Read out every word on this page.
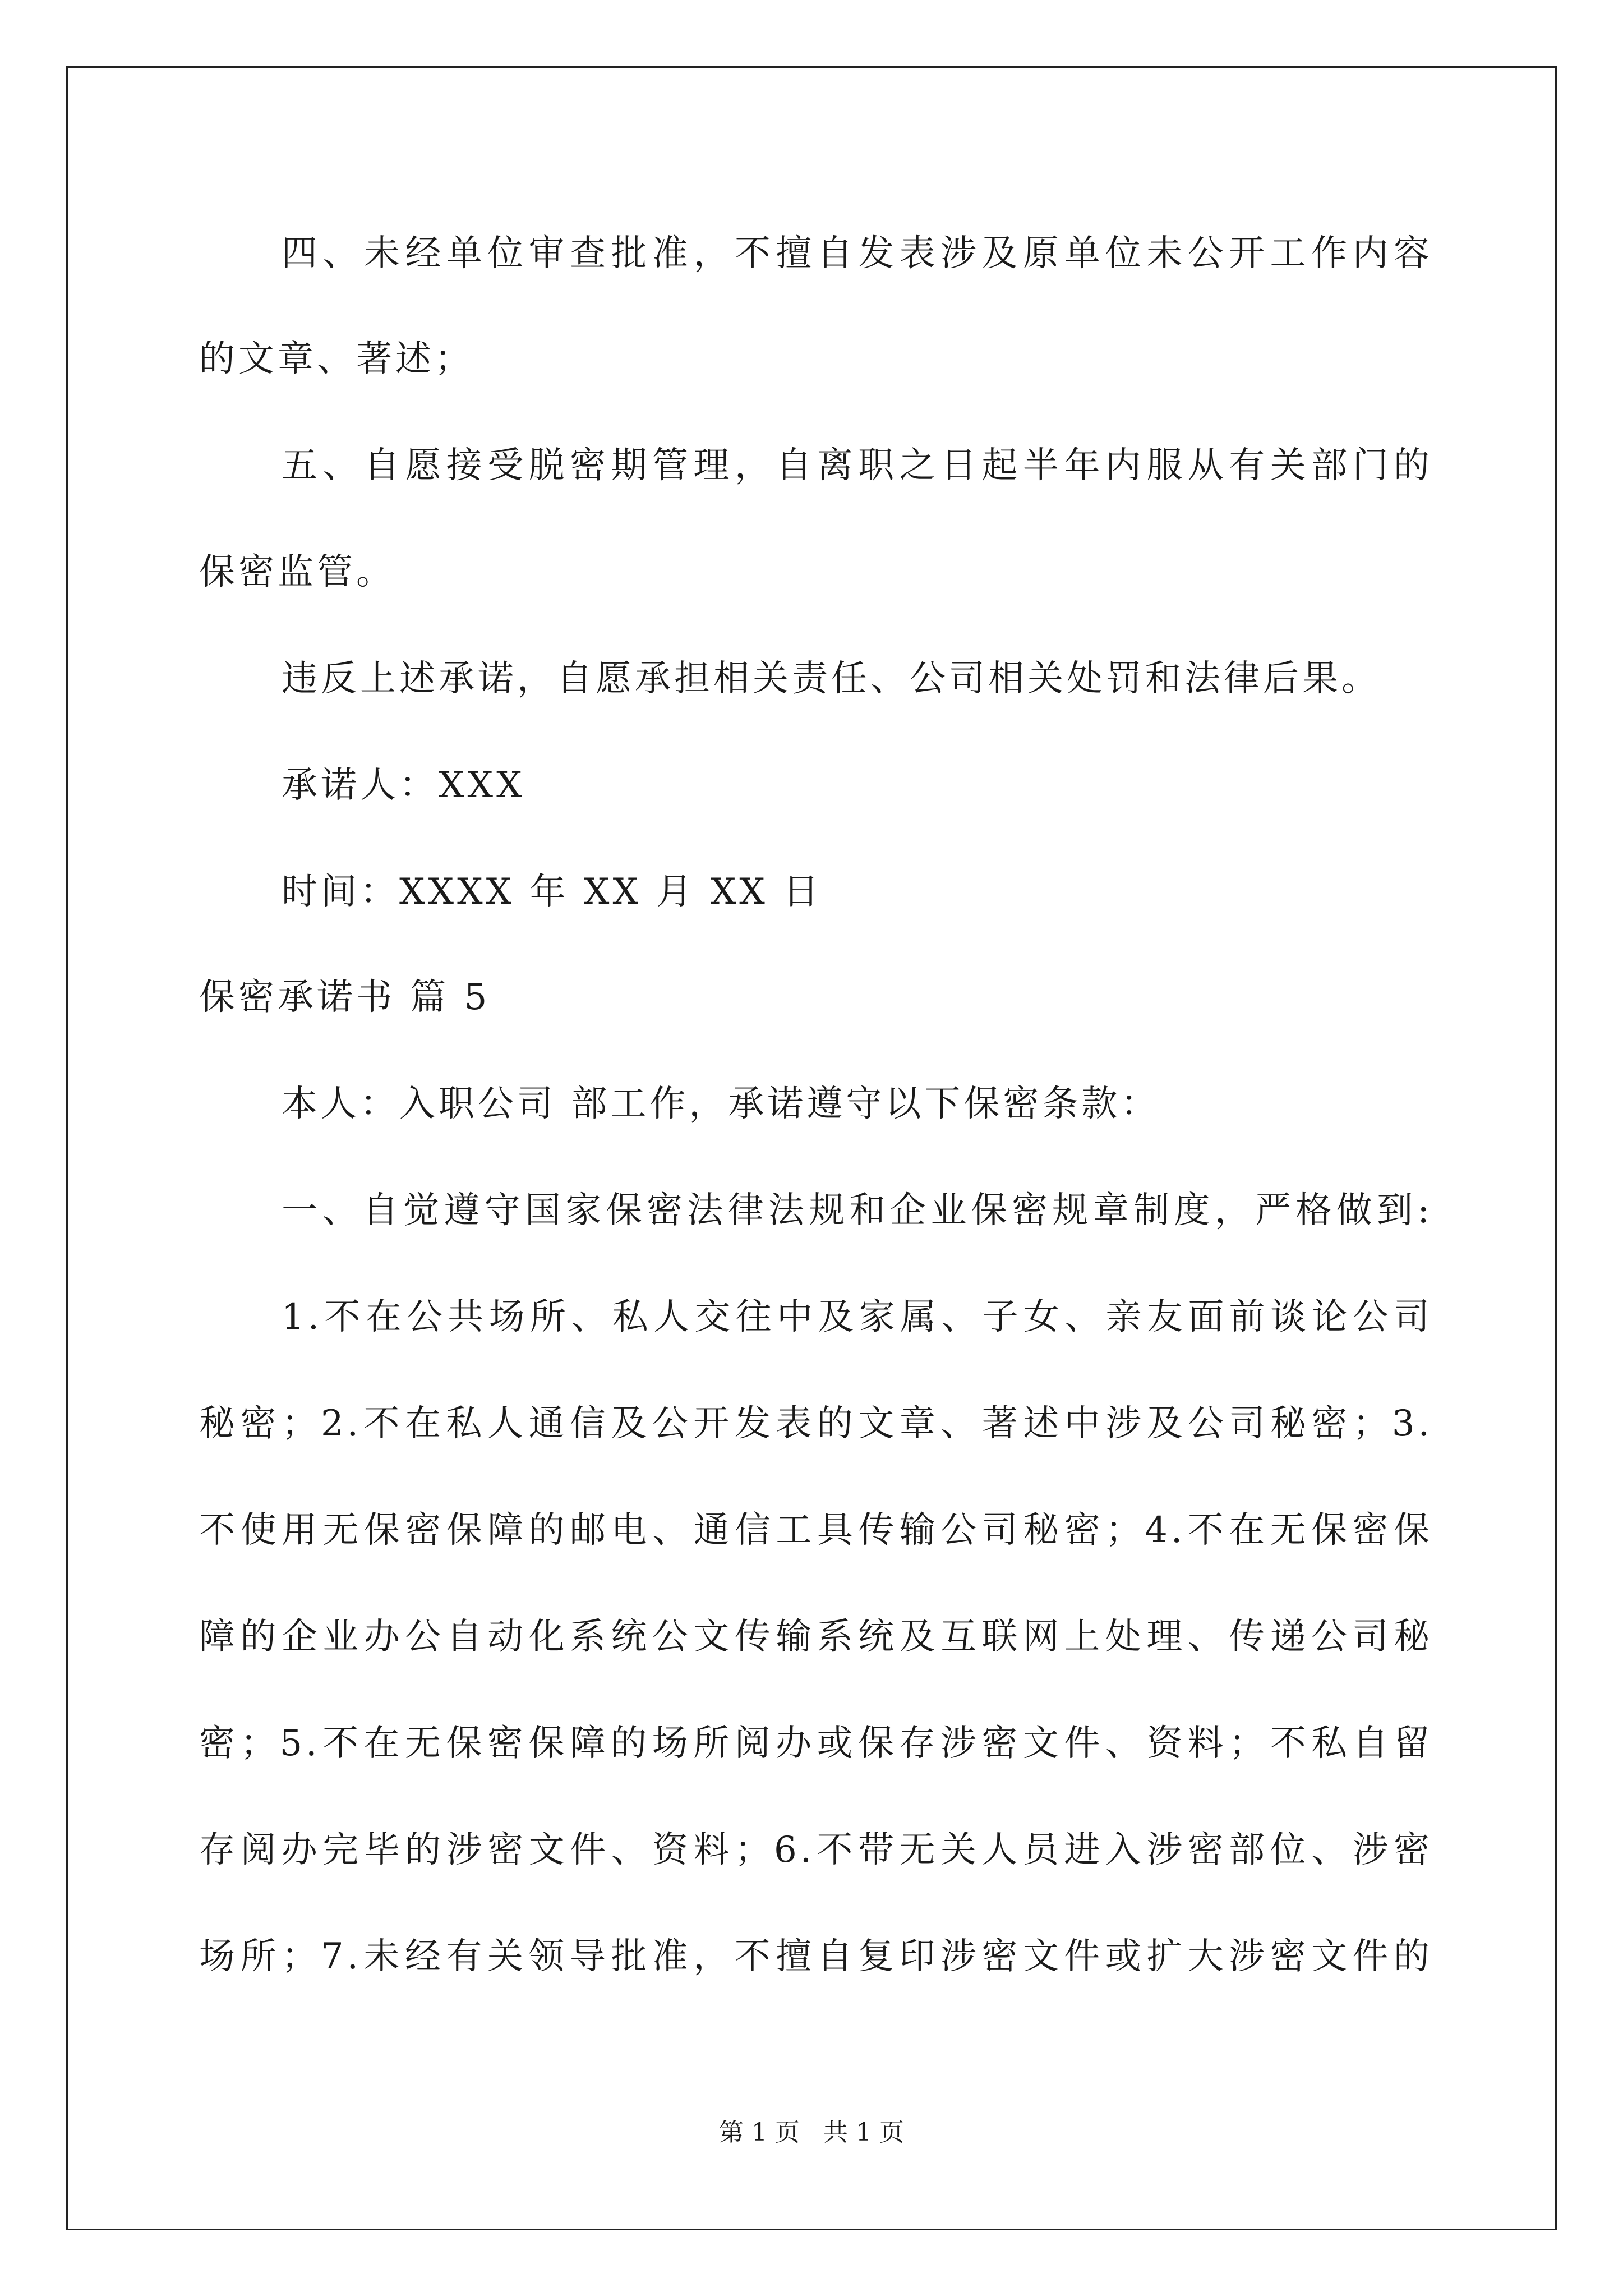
四、未经单位审查批准，不擅自发表涉及原单位未公开工作内容
的文章、著述；
五、自愿接受脱密期管理，自离职之日起半年内服从有关部门的
保密监管。
违反上述承诺，自愿承担相关责任、公司相关处罚和法律后果。
承诺人：XXX
时间：XXXX 年 XX 月 XX 日
保密承诺书 篇 5
本人：入职公司 部工作，承诺遵守以下保密条款：
一、自觉遵守国家保密法律法规和企业保密规章制度，严格做到:
1.不在公共场所、私人交往中及家属、子女、亲友面前谈论公司
秘密；2.不在私人通信及公开发表的文章、著述中涉及公司秘密；3.
不使用无保密保障的邮电、通信工具传输公司秘密；4.不在无保密保
障的企业办公自动化系统公文传输系统及互联网上处理、传递公司秘
密；5.不在无保密保障的场所阅办或保存涉密文件、资料；不私自留
存阅办完毕的涉密文件、资料；6.不带无关人员进入涉密部位、涉密
场所；7.未经有关领导批准，不擅自复印涉密文件或扩大涉密文件的
第 1 页   共 1 页
